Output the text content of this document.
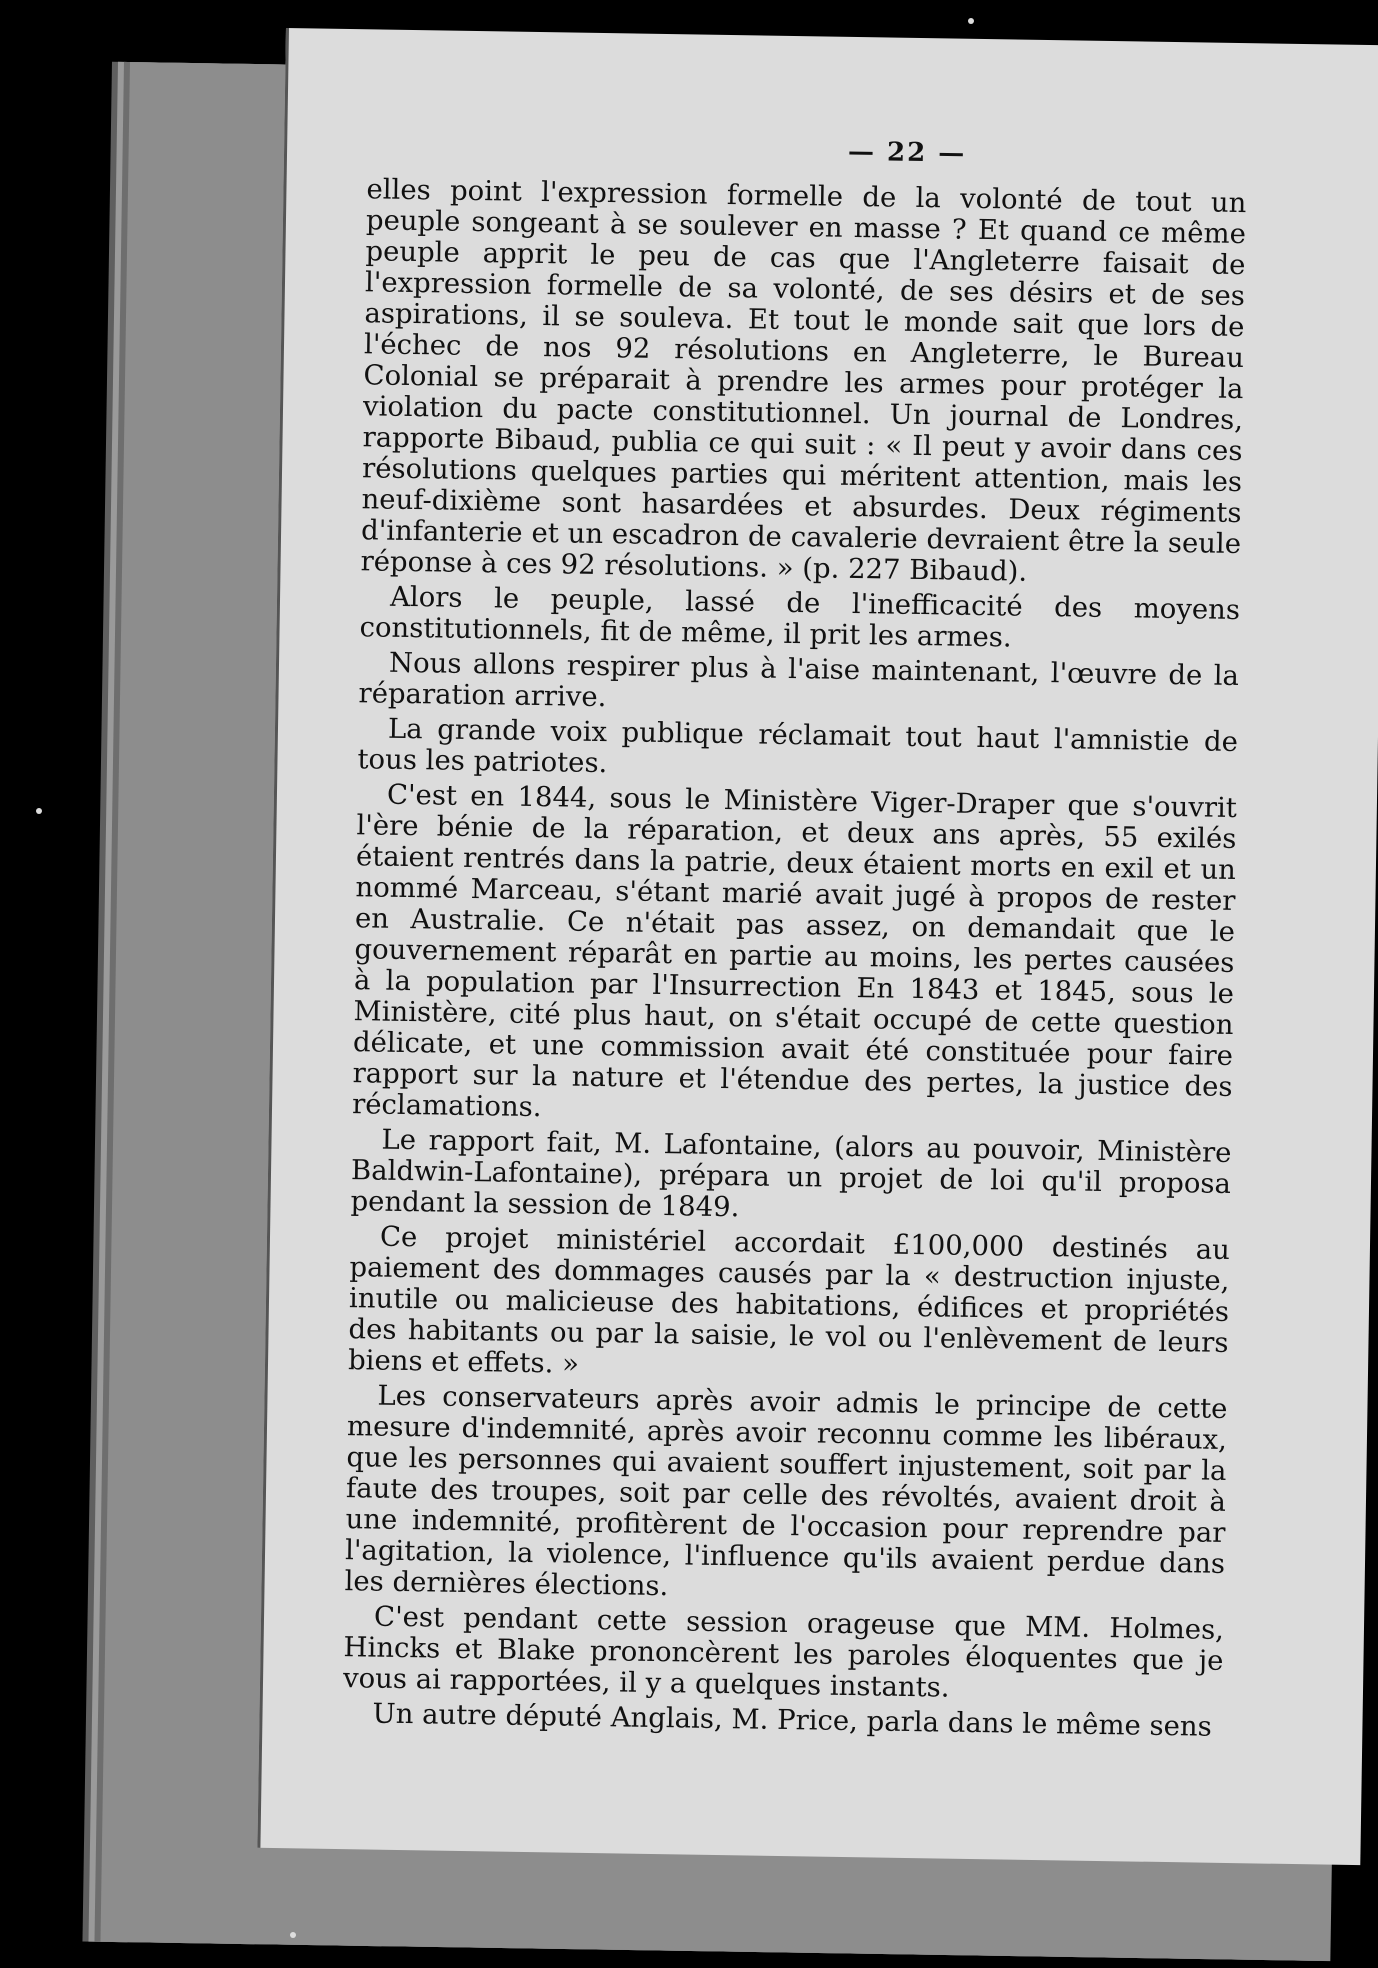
— 22 —

elles point l'expression formelle de la volonté de tout un peuple songeant à se soulever en masse ? Et quand ce même peuple apprit le peu de cas que l'Angleterre faisait de l'expression formelle de sa volonté, de ses désirs et de ses aspirations, il se souleva. Et tout le monde sait que lors de l'échec de nos 92 résolutions en Angleterre, le Bureau Colonial se préparait à prendre les armes pour protéger la violation du pacte constitutionnel. Un journal de Londres, rapporte Bibaud, publia ce qui suit : « Il peut y avoir dans ces résolutions quelques parties qui méritent attention, mais les neuf-dixième sont hasardées et absurdes. Deux régiments d'infanterie et un escadron de cavalerie devraient être la seule réponse à ces 92 résolutions. » (p. 227 Bibaud).

Alors le peuple, lassé de l'inefficacité des moyens constitutionnels, fit de même, il prit les armes.

Nous allons respirer plus à l'aise maintenant, l'œuvre de la réparation arrive.

La grande voix publique réclamait tout haut l'amnistie de tous les patriotes.

C'est en 1844, sous le Ministère Viger-Draper que s'ouvrit l'ère bénie de la réparation, et deux ans après, 55 exilés étaient rentrés dans la patrie, deux étaient morts en exil et un nommé Marceau, s'étant marié avait jugé à propos de rester en Australie. Ce n'était pas assez, on demandait que le gouvernement réparât en partie au moins, les pertes causées à la population par l'Insurrection En 1843 et 1845, sous le Ministère, cité plus haut, on s'était occupé de cette question délicate, et une commission avait été constituée pour faire rapport sur la nature et l'étendue des pertes, la justice des réclamations.

Le rapport fait, M. Lafontaine, (alors au pouvoir, Ministère Baldwin-Lafontaine), prépara un projet de loi qu'il proposa pendant la session de 1849.

Ce projet ministériel accordait £100,000 destinés au paiement des dommages causés par la « destruction injuste, inutile ou malicieuse des habitations, édifices et propriétés des habitants ou par la saisie, le vol ou l'enlèvement de leurs biens et effets. »

Les conservateurs après avoir admis le principe de cette mesure d'indemnité, après avoir reconnu comme les libéraux, que les personnes qui avaient souffert injustement, soit par la faute des troupes, soit par celle des révoltés, avaient droit à une indemnité, profitèrent de l'occasion pour reprendre par l'agitation, la violence, l'influence qu'ils avaient perdue dans les dernières élections.

C'est pendant cette session orageuse que MM. Holmes, Hincks et Blake prononcèrent les paroles éloquentes que je vous ai rapportées, il y a quelques instants.

Un autre député Anglais, M. Price, parla dans le même sens
